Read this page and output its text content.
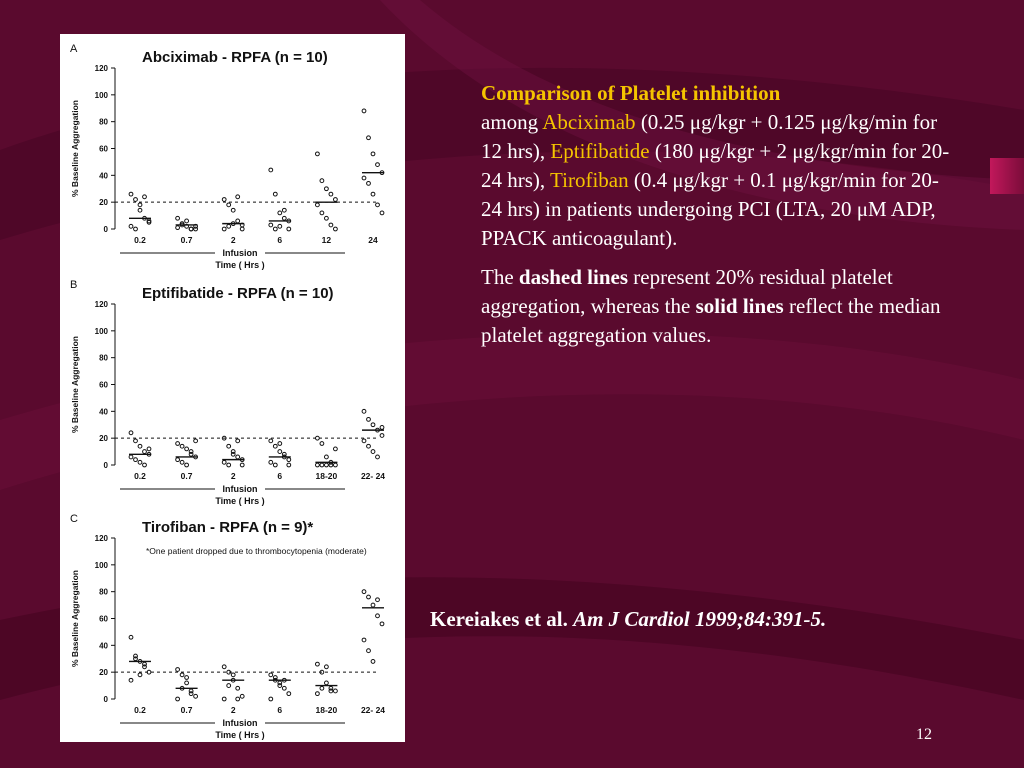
A	Abciximab - RPFA (n = 10)
0
20
40
60
80
100
120
% Baseline Aggregation
0.2	0.7	2	6	12	24
Infusion
Time ( Hrs )
B	Eptifibatide - RPFA (n = 10)
0
20
40
60
80
100
120
% Baseline Aggregation
0.2	0.7	2	6	18-20	22- 24
Infusion
Time ( Hrs )
C	Tirofiban - RPFA (n = 9)*
*One patient dropped due to thrombocytopenia (moderate)
0
20
40
60
80
100
120
% Baseline Aggregation
0.2	0.7	2	6	18-20	22- 24
Infusion
Time ( Hrs )

Comparison of Platelet inhibition
among Abciximab (0.25 μg/kgr + 0.125 μg/kg/min for 12 hrs), Eptifibatide (180 μg/kgr + 2 μg/kgr/min for 20-24 hrs), Tirofiban (0.4 μg/kgr + 0.1 μg/kgr/min for 20-24 hrs) in patients undergoing PCI (LTA, 20 μM ADP, PPACK anticoagulant).

The dashed lines represent 20% residual platelet aggregation, whereas the solid lines reflect the median platelet aggregation values.

Kereiakes et al. Am J Cardiol 1999;84:391-5.
12
